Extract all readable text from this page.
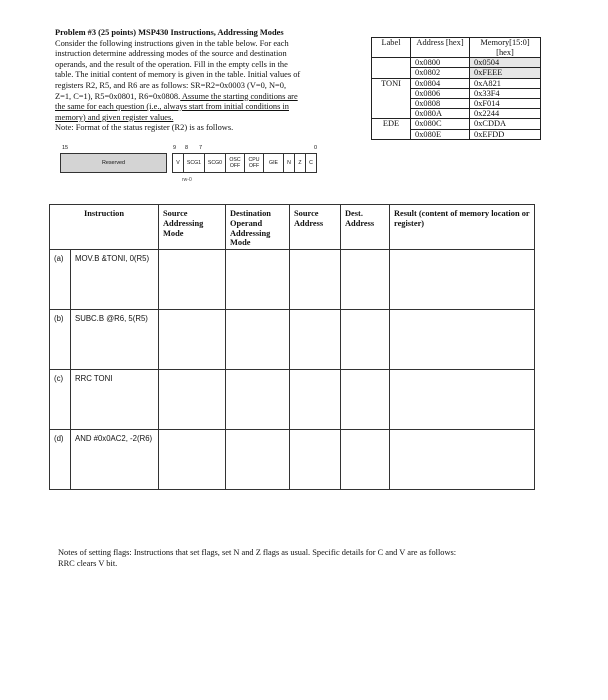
Problem #3 (25 points) MSP430 Instructions, Addressing Modes
Consider the following instructions given in the table below. For each
instruction determine addressing modes of the source and destination
operands, and the result of the operation. Fill in the empty cells in the
table. The initial content of memory is given in the table. Initial values of
registers R2, R5, and R6 are as follows: SR=R2=0x0003 (V=0, N=0,
Z=1, C=1), R5=0x0801, R6=0x0808. Assume the starting conditions are
the same for each question (i.e., always start from initial conditions in
memory) and given register values.
Note: Format of the status register (R2) is as follows.
Label	Address [hex]	Memory[15:0] [hex]
	0x0800	0x0504
	0x0802	0xFEEE
TONI	0x0804	0xA821
	0x0806	0x33F4
	0x0808	0xF014
	0x080A	0x2244
EDE	0x080C	0xCDDA
	0x080E	0xEFDD
15	9 8 7	0
Reserved	V	SCG1	SCG0	OSC OFF
CPU OFF	GIE	N	Z	C
rw-0
Instruction		Source Addressing Mode	Destination Operand Addressing Mode	Source Address	Dest. Address	Result (content of memory location or register)
(a)	MOV.B &TONI, 0(R5)					
(b)	SUBC.B @R6, 5(R5)					
(c)	RRC TONI					
(d)	AND #0x0AC2, -2(R6)					
Notes of setting flags: Instructions that set flags, set N and Z flags as usual. Specific details for C and V are as follows:
RRC clears V bit.
